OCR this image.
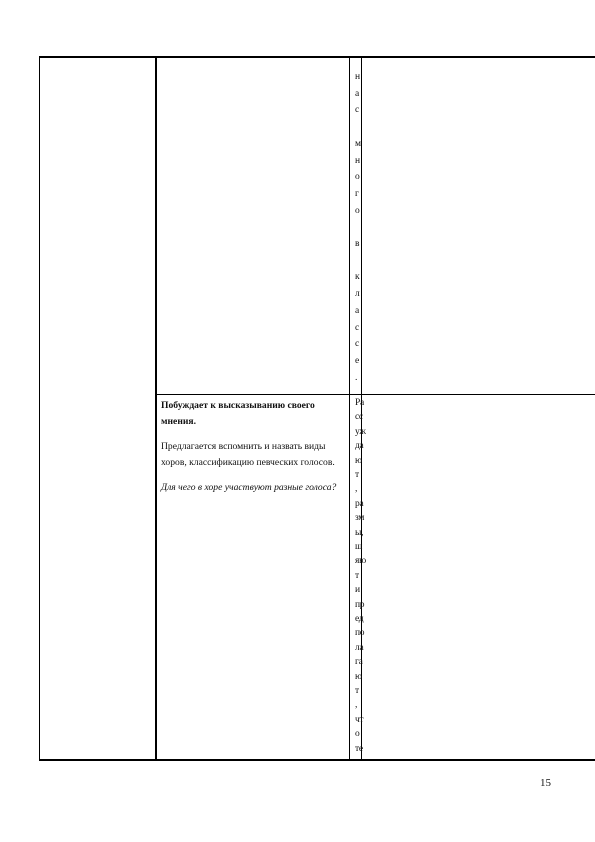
н
а
с
м
н
о
г
о
в
к
л
а
с
с
е
.
Побуждает к высказыванию своего мнения.
Предлагается вспомнить и назвать виды хоров, классификацию певческих голосов.
Для чего в хоре участвуют разные голоса?
Ра
сс
уж
да
ю
т
,
ра
зм
ы,
ш
яю
т
и
пр
ед
по
ла
га
ю
т
,
чт
о
те
15
